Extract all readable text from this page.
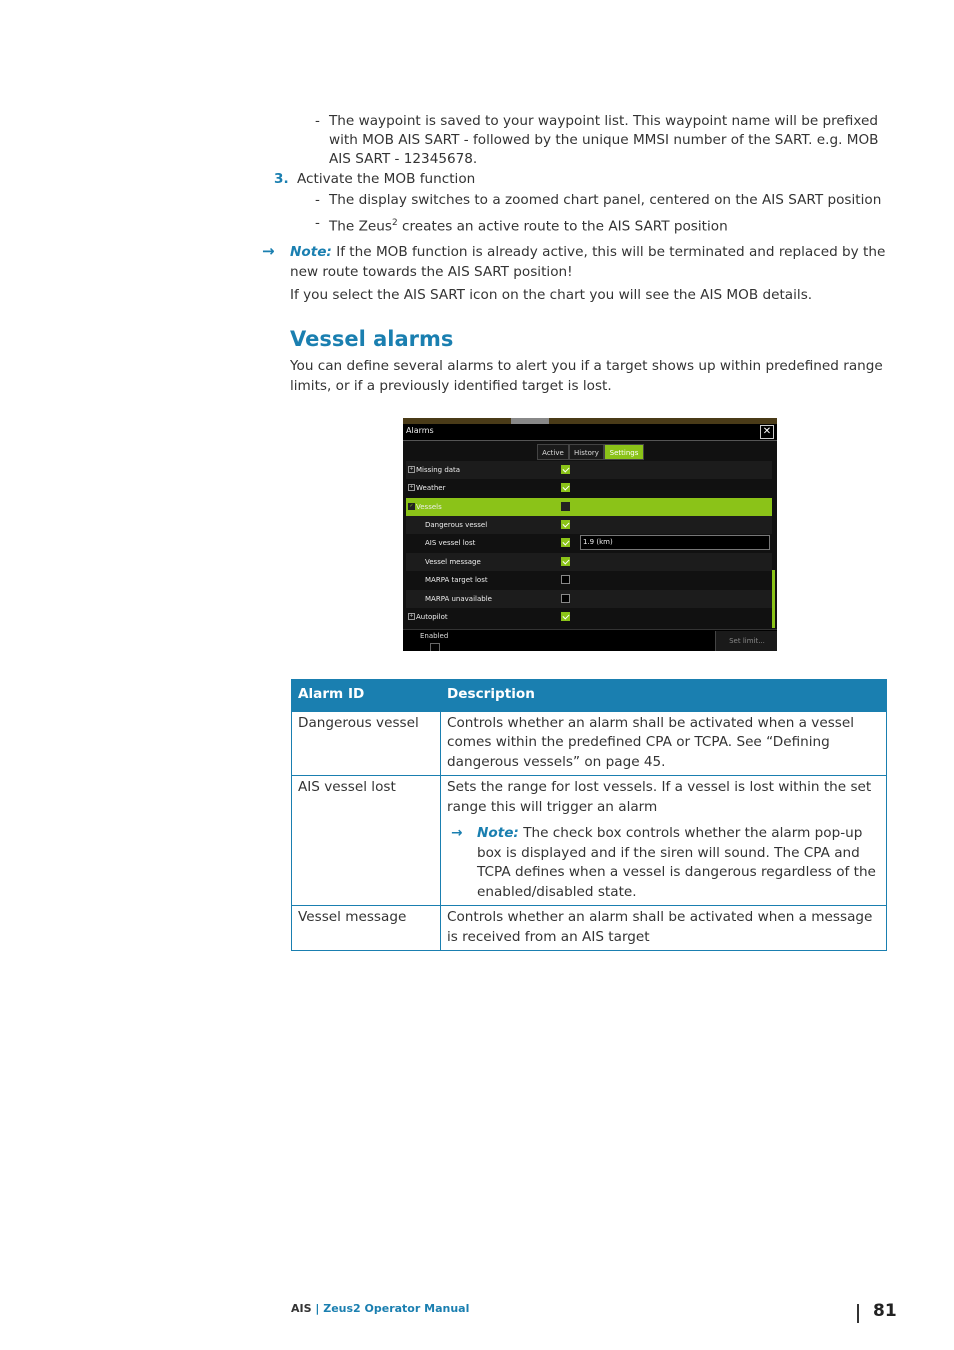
- The waypoint is saved to your waypoint list. This waypoint name will be prefixed with MOB AIS SART - followed by the unique MMSI number of the SART. e.g. MOB AIS SART - 12345678.
3. Activate the MOB function
- The display switches to a zoomed chart panel, centered on the AIS SART position
- The Zeus$^2$ creates an active route to the AIS SART position
→ Note: If the MOB function is already active, this will be terminated and replaced by the new route towards the AIS SART position!
If you select the AIS SART icon on the chart you will see the AIS MOB details.
Vessel alarms
You can define several alarms to alert you if a target shows up within predefined range limits, or if a previously identified target is lost.
Alarms	✕
Active	History	Settings
+ Missing data
+ Weather
✓ Vessels
Dangerous vessel
AIS vessel lost	1.9 (km)
Vessel message
MARPA target lost
MARPA unavailable
+ Autopilot
Enabled
Set limit...
Alarm ID	Description
Dangerous vessel	Controls whether an alarm shall be activated when a vessel comes within the predefined CPA or TCPA. See “Defining dangerous vessels” on page 45.
AIS vessel lost	Sets the range for lost vessels. If a vessel is lost within the set range this will trigger an alarm
→ Note: The check box controls whether the alarm pop-up box is displayed and if the siren will sound. The CPA and TCPA defines when a vessel is dangerous regardless of the enabled/disabled state.

Vessel message	Controls whether an alarm shall be activated when a message is received from an AIS target
AIS | Zeus2 Operator Manual	81
